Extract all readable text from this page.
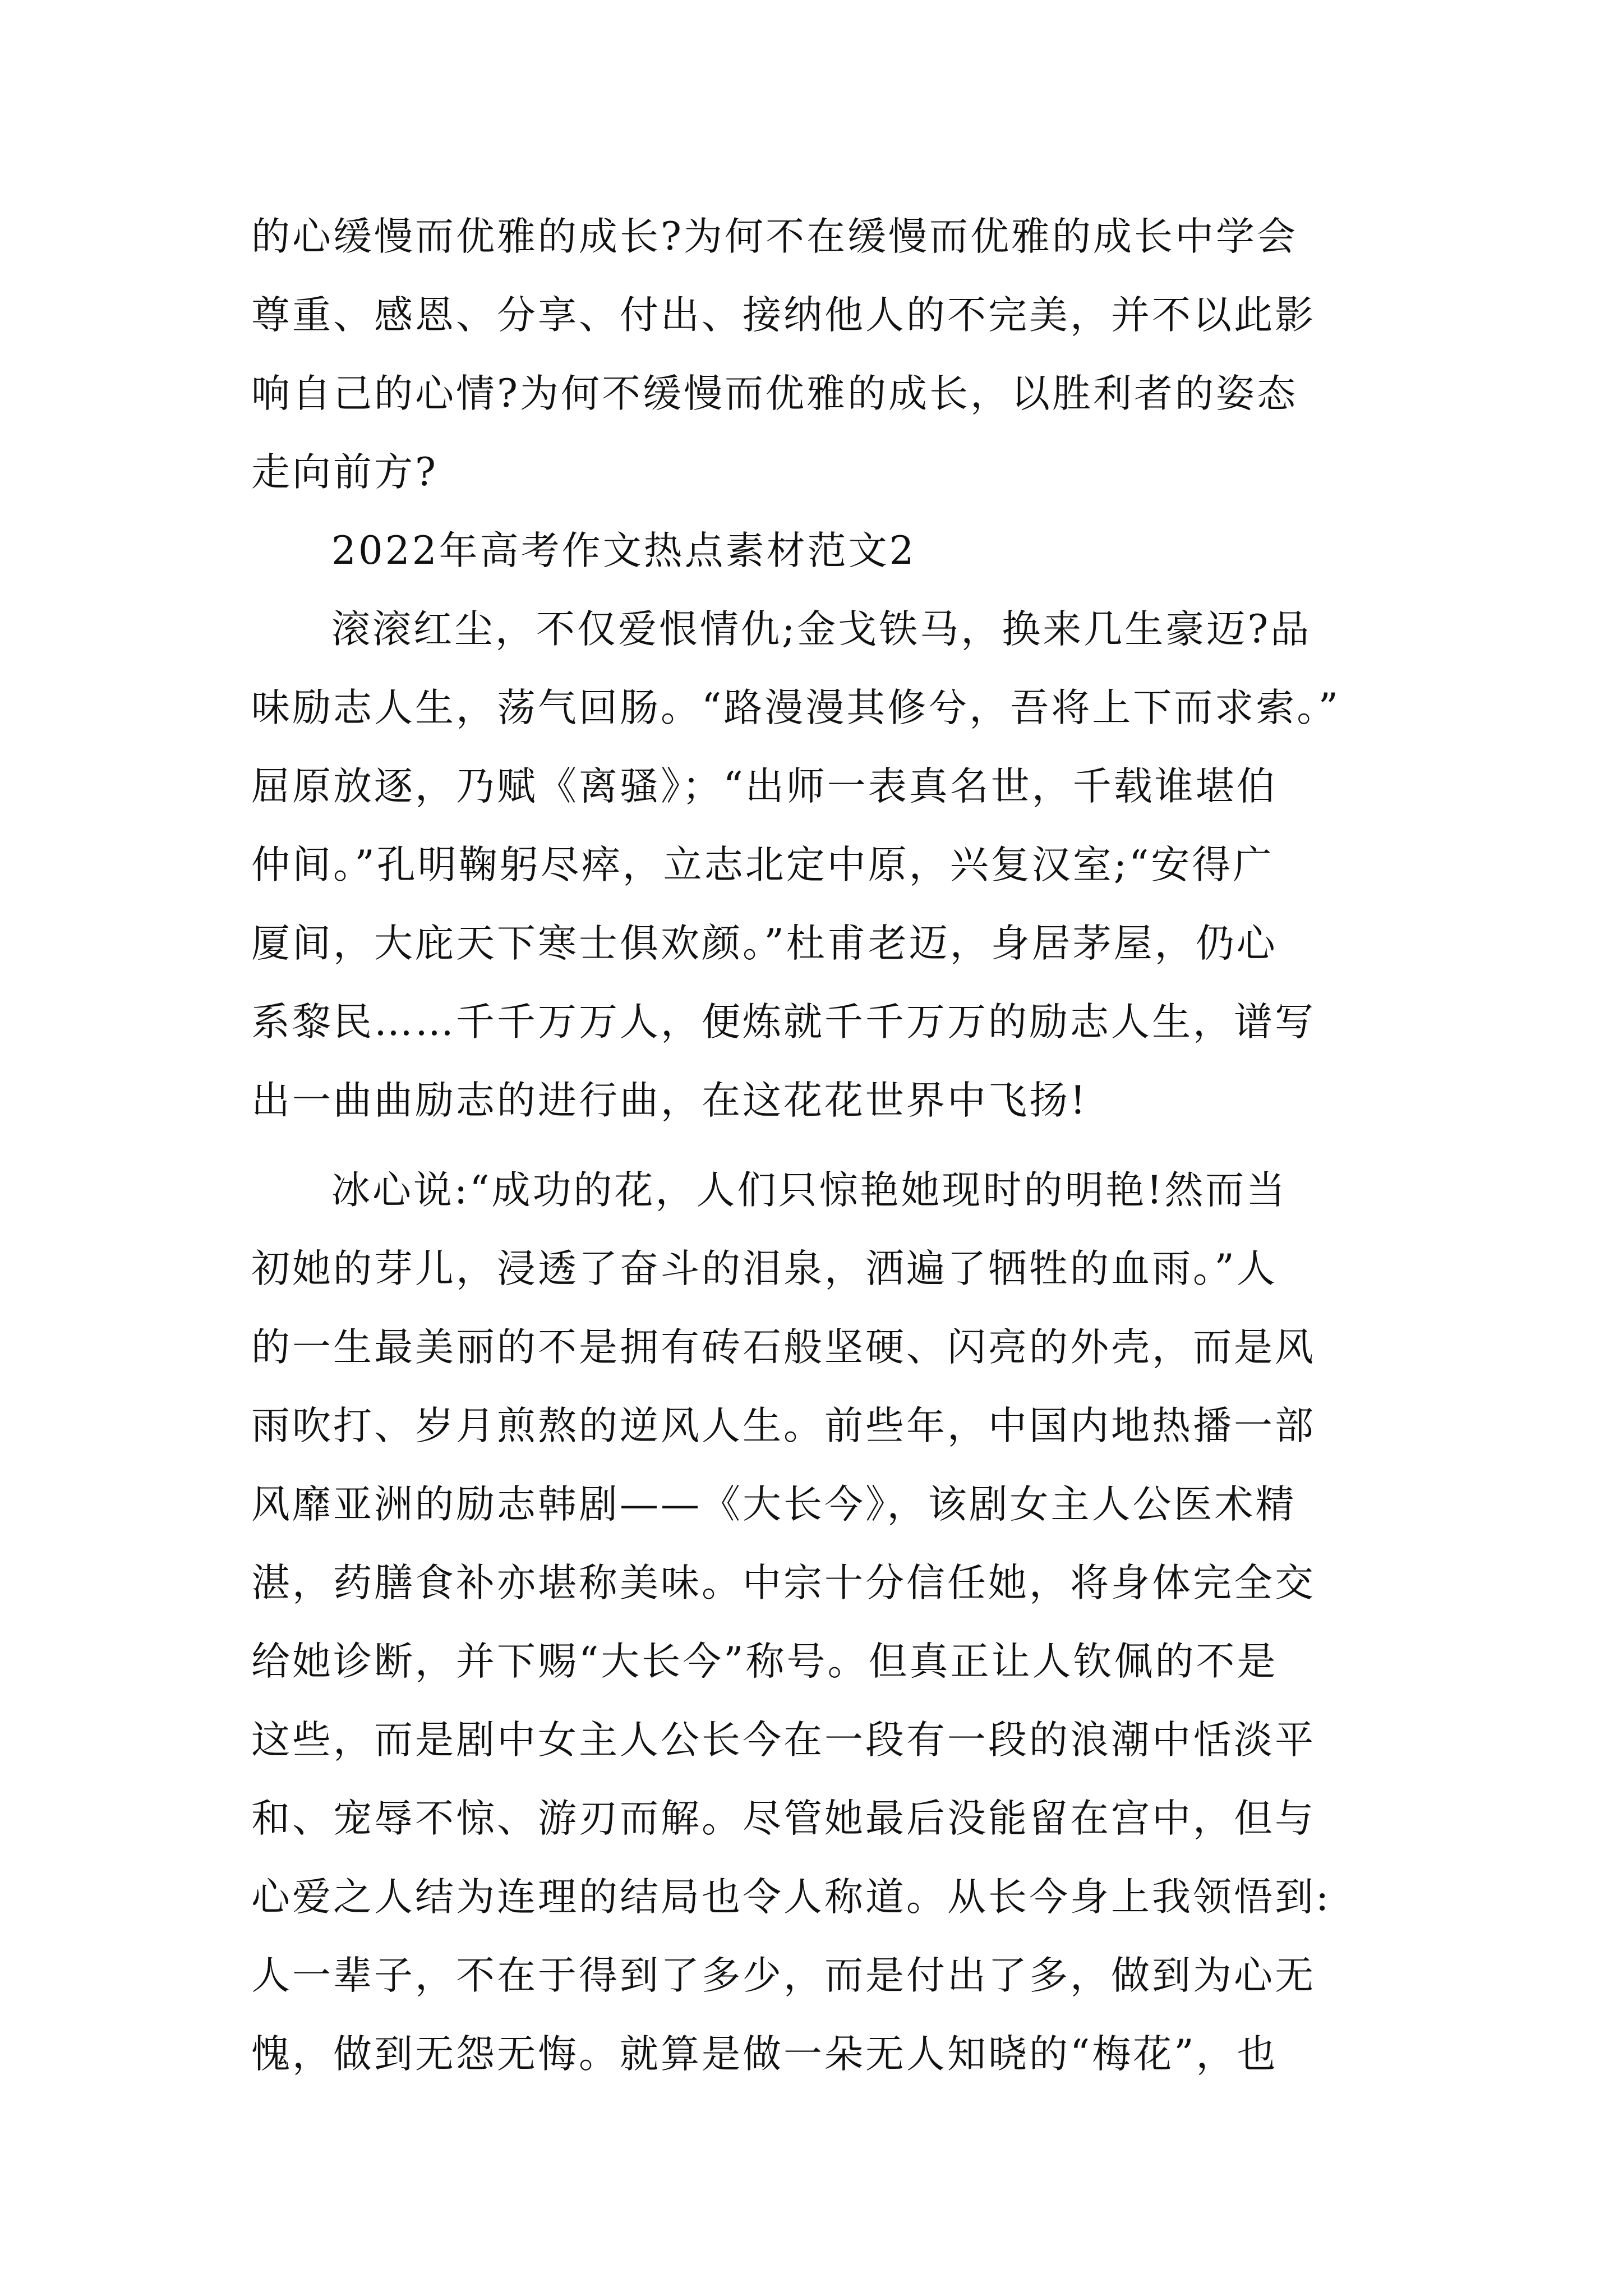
的心缓慢而优雅的成长?为何不在缓慢而优雅的成长中学会
尊重、感恩、分享、付出、接纳他人的不完美，并不以此影
响自己的心情?为何不缓慢而优雅的成长，以胜利者的姿态
走向前方?
2022年高考作文热点素材范文2
滚滚红尘，不仅爱恨情仇;金戈铁马，换来几生豪迈?品
味励志人生，荡气回肠。“路漫漫其修兮，吾将上下而求索。”
屈原放逐，乃赋《离骚》；“出师一表真名世，千载谁堪伯
仲间。”孔明鞠躬尽瘁，立志北定中原，兴复汉室;“安得广
厦间，大庇天下寒士俱欢颜。”杜甫老迈，身居茅屋，仍心
系黎民……千千万万人，便炼就千千万万的励志人生，谱写
出一曲曲励志的进行曲，在这花花世界中飞扬!
冰心说:“成功的花，人们只惊艳她现时的明艳!然而当
初她的芽儿，浸透了奋斗的泪泉，洒遍了牺牲的血雨。”人
的一生最美丽的不是拥有砖石般坚硬、闪亮的外壳，而是风
雨吹打、岁月煎熬的逆风人生。前些年，中国内地热播一部
风靡亚洲的励志韩剧——《大长今》，该剧女主人公医术精
湛，药膳食补亦堪称美味。中宗十分信任她，将身体完全交
给她诊断，并下赐“大长今”称号。但真正让人钦佩的不是
这些，而是剧中女主人公长今在一段有一段的浪潮中恬淡平
和、宠辱不惊、游刃而解。尽管她最后没能留在宫中，但与
心爱之人结为连理的结局也令人称道。从长今身上我领悟到:
人一辈子，不在于得到了多少，而是付出了多，做到为心无
愧，做到无怨无悔。就算是做一朵无人知晓的“梅花”，也
